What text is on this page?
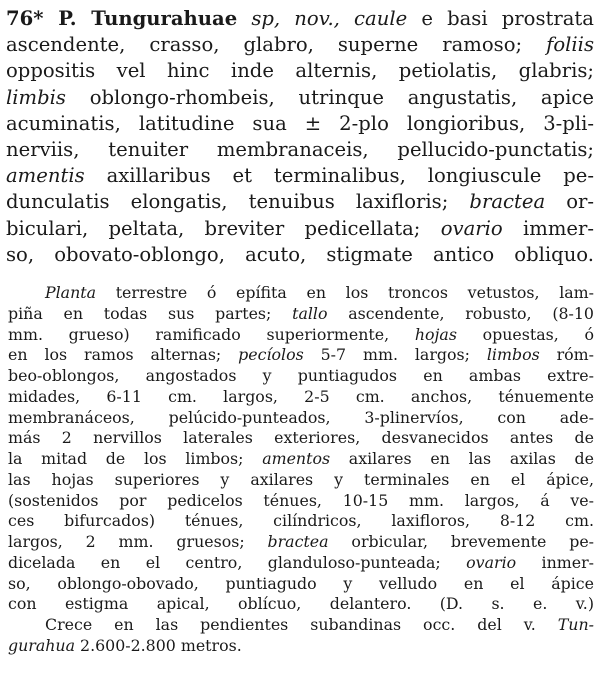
76* P. Tungurahuae sp, nov., caule e basi prostrata
ascendente, crasso, glabro, superne ramoso; foliis
oppositis vel hinc inde alternis, petiolatis, glabris;
limbis oblongo-rhombeis, utrinque angustatis, apice
acuminatis, latitudine sua ± 2-plo longioribus, 3-pli-
nerviis, tenuiter membranaceis, pellucido-punctatis;
amentis axillaribus et terminalibus, longiuscule pe-
dunculatis elongatis, tenuibus laxifloris; bractea or-
biculari, peltata, breviter pedicellata; ovario immer-
so, obovato-oblongo, acuto, stigmate antico obliquo.
Planta terrestre ó epífita en los troncos vetustos, lam-
piña en todas sus partes; tallo ascendente, robusto, (8-10
mm. grueso) ramificado superiormente, hojas opuestas, ó
en los ramos alternas; pecíolos 5-7 mm. largos; limbos róm-
beo-oblongos, angostados y puntiagudos en ambas extre-
midades, 6-11 cm. largos, 2-5 cm. anchos, ténuemente
membranáceos, pelúcido-punteados, 3-plinervíos, con ade-
más 2 nervillos laterales exteriores, desvanecidos antes de
la mitad de los limbos; amentos axilares en las axilas de
las hojas superiores y axilares y terminales en el ápice,
(sostenidos por pedicelos ténues, 10-15 mm. largos, á ve-
ces bifurcados) ténues, cilíndricos, laxifloros, 8-12 cm.
largos, 2 mm. gruesos; bractea orbicular, brevemente pe-
dicelada en el centro, glanduloso-punteada; ovario inmer-
so, oblongo-obovado, puntiagudo y velludo en el ápice
con estigma apical, oblícuo, delantero. (D. s. e. v.)
Crece en las pendientes subandinas occ. del v. Tun-
gurahua 2.600-2.800 metros.
